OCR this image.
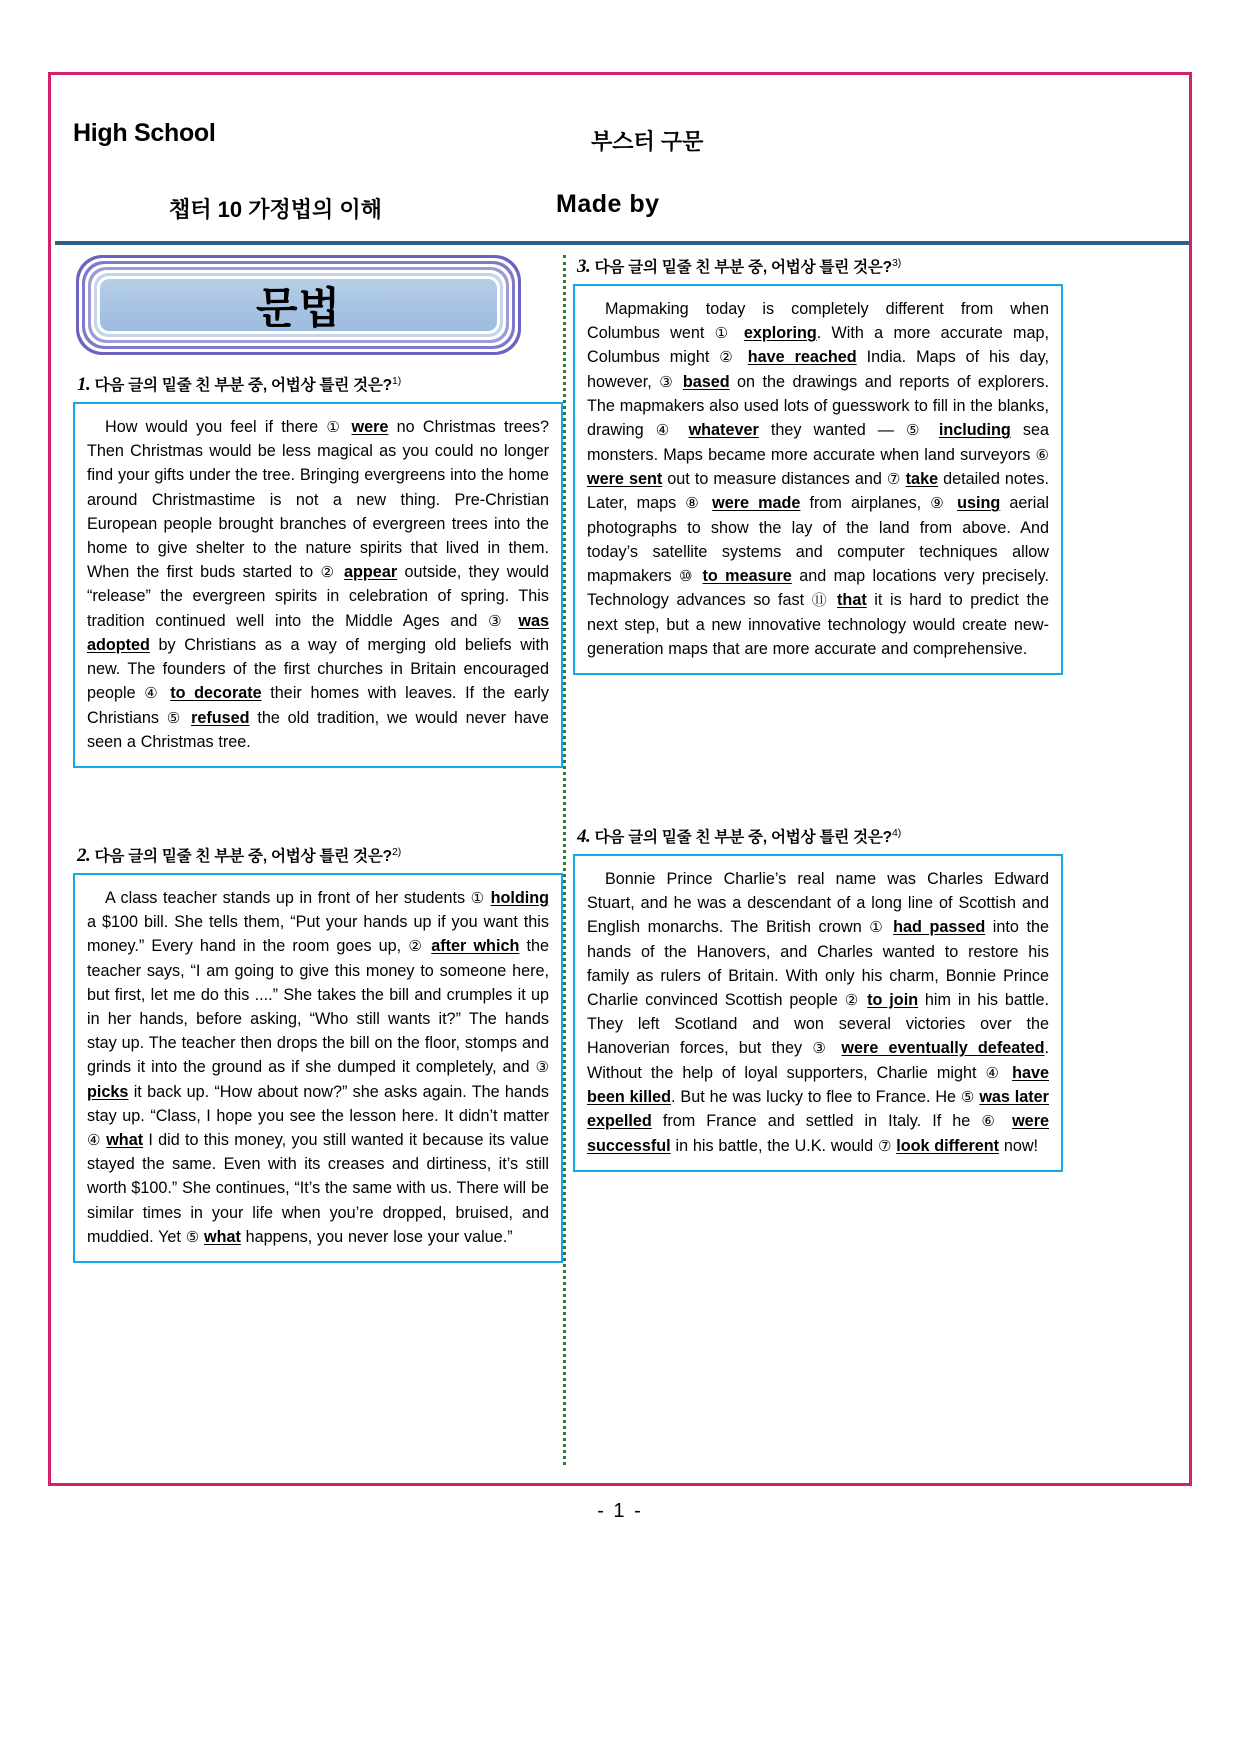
High School	부스터 구문
챕터 10 가정법의 이해	Made by
문법
1. 다음 글의 밑줄 친 부분 중, 어법상 틀린 것은?$^{1)}$
How would you feel if there ① were no Christmas trees? Then Christmas would be less magical as you could no longer find your gifts under the tree. Bringing evergreens into the home around Christmastime is not a new thing. Pre-Christian European people brought branches of evergreen trees into the home to give shelter to the nature spirits that lived in them. When the first buds started to ② appear outside, they would “release” the evergreen spirits in celebration of spring. This tradition continued well into the Middle Ages and ③ was adopted by Christians as a way of merging old beliefs with new. The founders of the first churches in Britain encouraged people ④ to decorate their homes with leaves. If the early Christians ⑤ refused the old tradition, we would never have seen a Christmas tree.
2. 다음 글의 밑줄 친 부분 중, 어법상 틀린 것은?$^{2)}$
A class teacher stands up in front of her students ① holding a $100 bill. She tells them, “Put your hands up if you want this money.” Every hand in the room goes up, ② after which the teacher says, “I am going to give this money to someone here, but first, let me do this ....” She takes the bill and crumples it up in her hands, before asking, “Who still wants it?” The hands stay up. The teacher then drops the bill on the floor, stomps and grinds it into the ground as if she dumped it completely, and ③ picks it back up. “How about now?” she asks again. The hands stay up. “Class, I hope you see the lesson here. It didn’t matter ④ what I did to this money, you still wanted it because its value stayed the same. Even with its creases and dirtiness, it’s still worth $100.” She continues, “It’s the same with us. There will be similar times in your life when you’re dropped, bruised, and muddied. Yet ⑤ what happens, you never lose your value.”
3. 다음 글의 밑줄 친 부분 중, 어법상 틀린 것은?$^{3)}$
Mapmaking today is completely different from when Columbus went ① exploring. With a more accurate map, Columbus might ② have reached India. Maps of his day, however, ③ based on the drawings and reports of explorers. The mapmakers also used lots of guesswork to fill in the blanks, drawing ④ whatever they wanted — ⑤ including sea monsters. Maps became more accurate when land surveyors ⑥ were sent out to measure distances and ⑦ take detailed notes. Later, maps ⑧ were made from airplanes, ⑨ using aerial photographs to show the lay of the land from above. And today’s satellite systems and computer techniques allow mapmakers ⑩ to measure and map locations very precisely. Technology advances so fast ⑪ that it is hard to predict the next step, but a new innovative technology would create new-generation maps that are more accurate and comprehensive.
4. 다음 글의 밑줄 친 부분 중, 어법상 틀린 것은?$^{4)}$
Bonnie Prince Charlie’s real name was Charles Edward Stuart, and he was a descendant of a long line of Scottish and English monarchs. The British crown ① had passed into the hands of the Hanovers, and Charles wanted to restore his family as rulers of Britain. With only his charm, Bonnie Prince Charlie convinced Scottish people ② to join him in his battle. They left Scotland and won several victories over the Hanoverian forces, but they ③ were eventually defeated. Without the help of loyal supporters, Charlie might ④ have been killed. But he was lucky to flee to France. He ⑤ was later expelled from France and settled in Italy. If he ⑥ were successful in his battle, the U.K. would ⑦ look different now!
- 1 -
